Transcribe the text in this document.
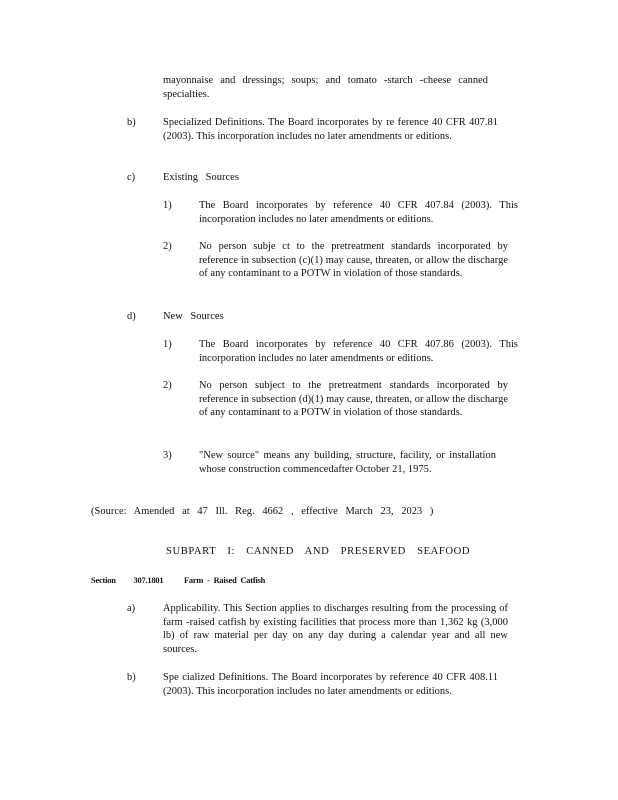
mayonnaise and dressings; soups; and tomato -starch -cheese canned specialties.
b)	Specialized Definitions. The Board incorporates by re ference 40 CFR 407.81 (2003). This incorporation includes no later amendments or editions.
c)	Existing Sources
1)	The Board incorporates by reference 40 CFR 407.84 (2003). This incorporation includes no later amendments or editions.
2)	No person subje ct to the pretreatment standards incorporated by reference in subsection (c)(1) may cause, threaten, or allow the discharge of any contaminant to a POTW in violation of those standards.
d)	New Sources
1)	The Board incorporates by reference 40 CFR 407.86 (2003). This incorporation includes no later amendments or editions.
2)	No person subject to the pretreatment standards incorporated by reference in subsection (d)(1) may cause, threaten, or allow the discharge of any contaminant to a POTW in violation of those standards.
3)	"New source" means any building, structure, facility, or installation whose construction commencedafter October 21, 1975.
(Source: Amended at 47 Ill. Reg. 4662 , effective March 23, 2023 )
SUBPART I: CANNED AND PRESERVED SEAFOOD
Section 307.1801 Farm - Raised Catfish
a)	Applicability. This Section applies to discharges resulting from the processing of farm -raised catfish by existing facilities that process more than 1,362 kg (3,000 lb) of raw material per day on any day during a calendar year and all new sources.
b)	Spe cialized Definitions. The Board incorporates by reference 40 CFR 408.11 (2003). This incorporation includes no later amendments or editions.
